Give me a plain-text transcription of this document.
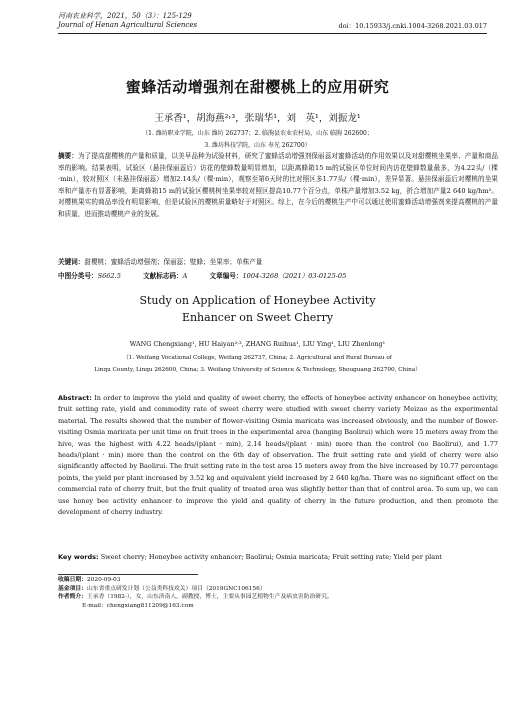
河南农业科学，2021，50（3）：125-129
Journal of Henan Agricultural Sciences	doi：10.15933/j.cnki.1004-3268.2021.03.017
蜜蜂活动增强剂在甜樱桃上的应用研究
王承香¹，胡海燕²˒³，张瑞华¹，刘　英¹，刘振龙¹
（1. 潍坊职业学院，山东 潍坊 262737；2. 临朐县农业农村局，山东 临朐 262600；
3. 潍坊科技学院，山东 寿光 262700）
摘要：为了提高甜樱桃的产量和质量，以美早品种为试验材料，研究了蜜蜂活动增强剂保丽蕊对蜜蜂活动的作用效果以及对甜樱桃坐果率、产量和商品率的影响。结果表明，试验区（悬挂保丽蕊后）访花的壁蜂数量明显增加，以距离蜂箱15 m的试验区单位时间内访花壁蜂数量最多，为4.22头/（棵·min），较对照区（未悬挂保丽蕊）增加2.14头/（棵·min），观察至第6天时的比对照区多1.77头/（棵·min），差异显著。悬挂保丽蕊后对樱桃的坐果率和产量亦有显著影响，距离蜂箱15 m的试验区樱桃树坐果率较对照区提高10.77个百分点，单株产量增加3.52 kg，折合增加产量2 640 kg/hm²。对樱桃果实的商品率没有明显影响，但是试验区的樱桃质量略好于对照区。综上，在今后的樱桃生产中可以通过使用蜜蜂活动增强剂来提高樱桃的产量和质量，进而推动樱桃产业的发展。
关键词：甜樱桃；蜜蜂活动增强剂；保丽蕊；壁蜂；坐果率；单株产量
中图分类号：S662.5	文献标志码：A	文章编号：1004-3268（2021）03-0125-05
Study on Application of Honeybee Activity
Enhancer on Sweet Cherry
WANG Chengxiang¹, HU Haiyan²˒³, ZHANG Ruihua¹, LIU Ying¹, LIU Zhenlong¹
（1. Weifang Vocational College, Weifang 262737, China; 2. Agricultural and Rural Bureau of
Linqu County, Linqu 262600, China; 3. Weifang University of Science & Technology, Shouguang 262700, China）
Abstract: In order to improve the yield and quality of sweet cherry, the effects of honeybee activity enhancer on honeybee activity, fruit setting rate, yield and commodity rate of sweet cherry were studied with sweet cherry variety Meizao as the experimental material. The results showed that the number of flower-visiting Osmia maricata was increased obviously, and the number of flower-visiting Osmia maricata per unit time on fruit trees in the experimental area (hanging Baolirui) which were 15 meters away from the hive, was the highest with 4.22 heads/(plant · min), 2.14 heads/(plant · min) more than the control (no Baolirui), and 1.77 heads/(plant · min) more than the control on the 6th day of observation. The fruit setting rate and yield of cherry were also significantly affected by Baolirui. The fruit setting rate in the test area 15 meters away from the hive increased by 10.77 percentage points, the yield per plant increased by 3.52 kg and equivalent yield increased by 2 640 kg/ha. There was no significant effect on the commercial rate of cherry fruit, but the fruit quality of treated area was slightly better than that of control area. To sum up, we can use honey bee activity enhancer to improve the yield and quality of cherry in the future production, and then promote the development of cherry industry.
Key words: Sweet cherry; Honeybee activity enhancer; Baolirui; Osmia maricata; Fruit setting rate; Yield per plant
收稿日期：2020-09-03
基金项目：山东省重点研发计划（公益类科技攻关）项目（2019GNC106156）
作者简介：王承香（1982-），女，山东济南人，副教授，博士，主要从事园艺植物生产及病虫害防治研究。
E-mail：chengxiang811209@163.com
